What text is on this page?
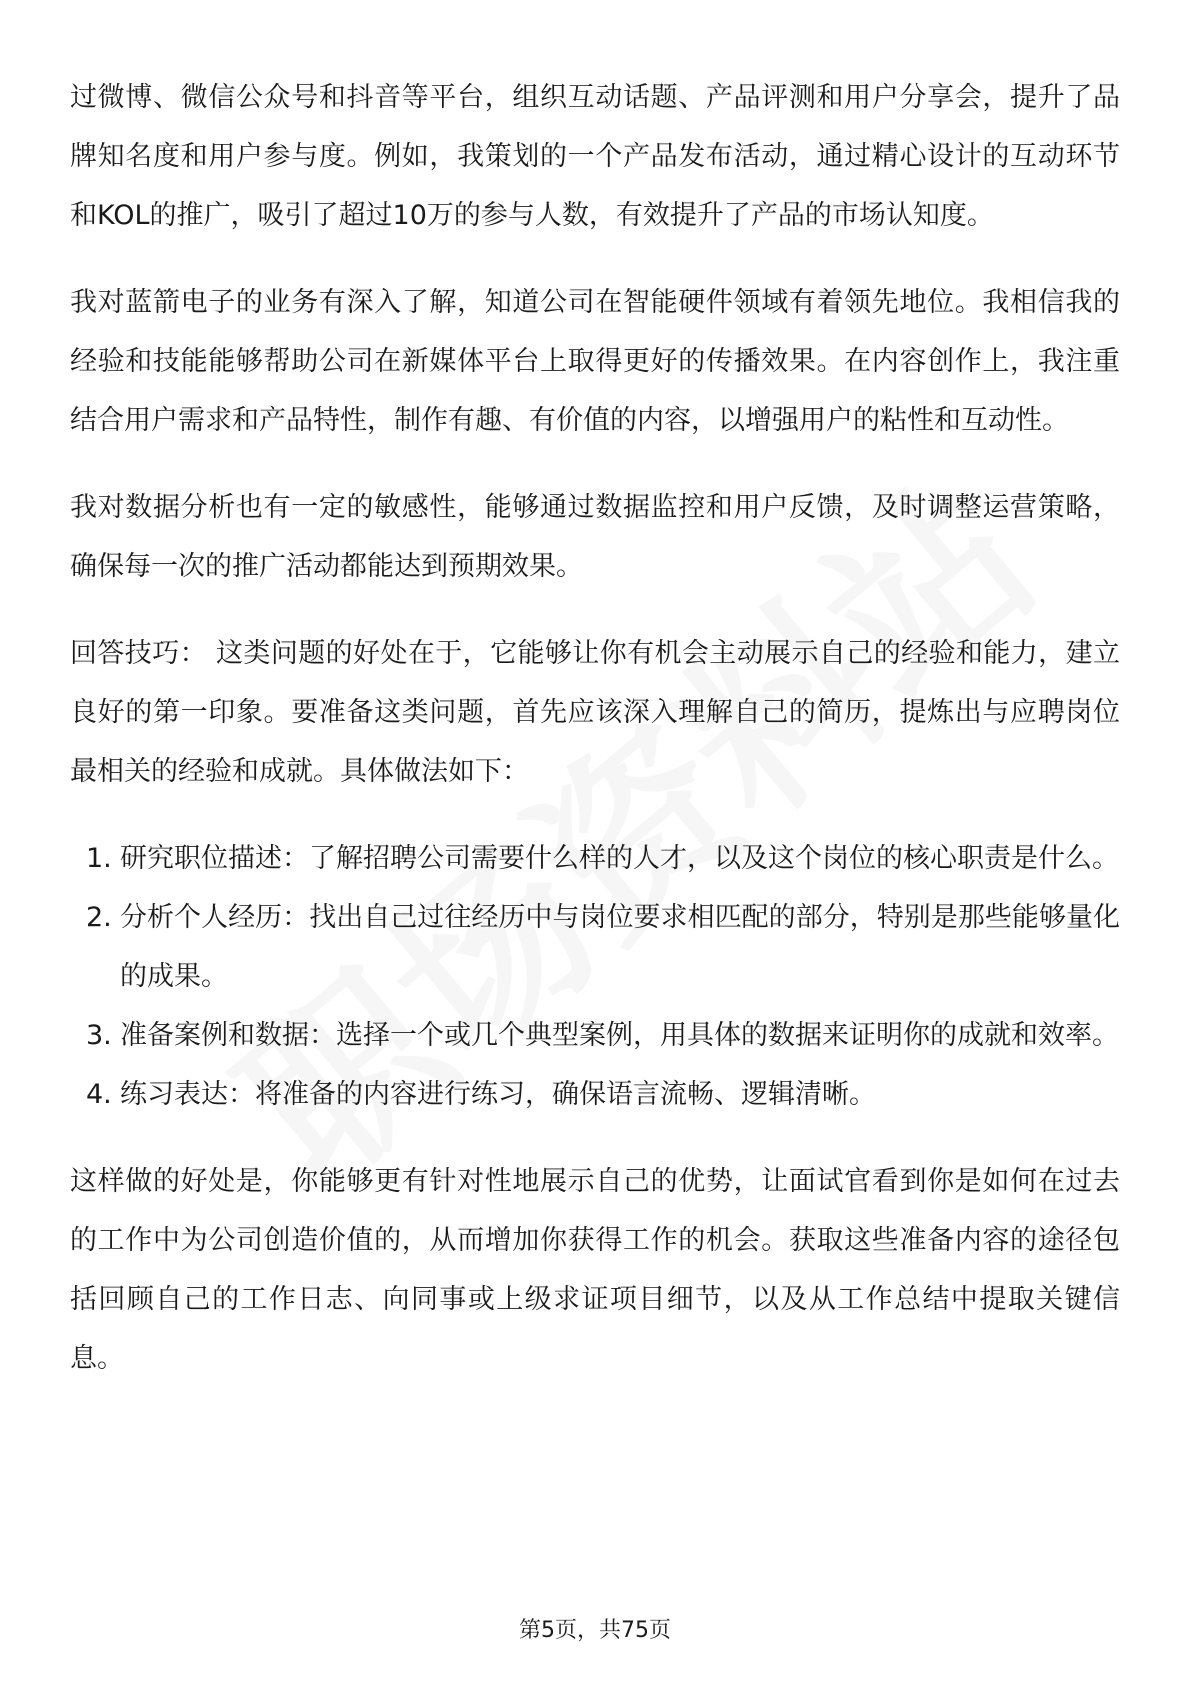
过微博、微信公众号和抖音等平台，组织互动话题、产品评测和用户分享会，提升了品牌知名度和用户参与度。例如，我策划的一个产品发布活动，通过精心设计的互动环节和KOL的推广，吸引了超过10万的参与人数，有效提升了产品的市场认知度。

我对蓝箭电子的业务有深入了解，知道公司在智能硬件领域有着领先地位。我相信我的经验和技能能够帮助公司在新媒体平台上取得更好的传播效果。在内容创作上，我注重结合用户需求和产品特性，制作有趣、有价值的内容，以增强用户的粘性和互动性。

我对数据分析也有一定的敏感性，能够通过数据监控和用户反馈，及时调整运营策略，确保每一次的推广活动都能达到预期效果。

回答技巧： 这类问题的好处在于，它能够让你有机会主动展示自己的经验和能力，建立良好的第一印象。要准备这类问题，首先应该深入理解自己的简历，提炼出与应聘岗位最相关的经验和成就。具体做法如下：

1. 研究职位描述：了解招聘公司需要什么样的人才，以及这个岗位的核心职责是什么。
2. 分析个人经历：找出自己过往经历中与岗位要求相匹配的部分，特别是那些能够量化的成果。
3. 准备案例和数据：选择一个或几个典型案例，用具体的数据来证明你的成就和效率。
4. 练习表达：将准备的内容进行练习，确保语言流畅、逻辑清晰。

这样做的好处是，你能够更有针对性地展示自己的优势，让面试官看到你是如何在过去的工作中为公司创造价值的，从而增加你获得工作的机会。获取这些准备内容的途径包括回顾自己的工作日志、向同事或上级求证项目细节，以及从工作总结中提取关键信息。

第5页，共75页
